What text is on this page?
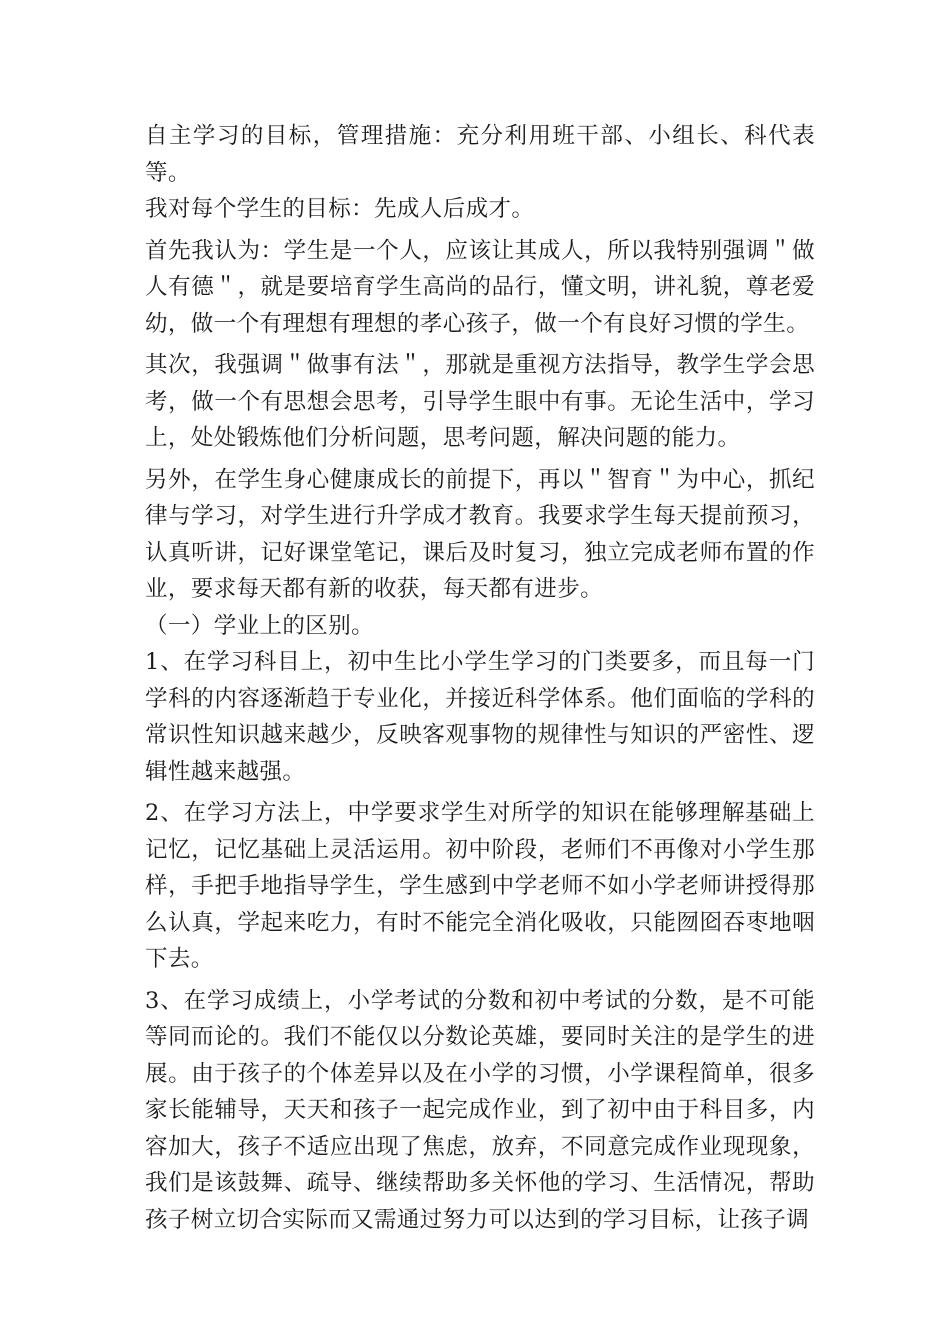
自主学习的目标，管理措施：充分利用班干部、小组长、科代表等。

我对每个学生的目标：先成人后成才。

首先我认为：学生是一个人，应该让其成人，所以我特别强调＂做人有德＂，就是要培育学生高尚的品行，懂文明，讲礼貌，尊老爱幼，做一个有理想有理想的孝心孩子，做一个有良好习惯的学生。

其次，我强调＂做事有法＂，那就是重视方法指导，教学生学会思考，做一个有思想会思考，引导学生眼中有事。无论生活中，学习上，处处锻炼他们分析问题，思考问题，解决问题的能力。

另外，在学生身心健康成长的前提下，再以＂智育＂为中心，抓纪律与学习，对学生进行升学成才教育。我要求学生每天提前预习，认真听讲，记好课堂笔记，课后及时复习，独立完成老师布置的作业，要求每天都有新的收获，每天都有进步。

（一）学业上的区别。

1、在学习科目上，初中生比小学生学习的门类要多，而且每一门学科的内容逐渐趋于专业化，并接近科学体系。他们面临的学科的常识性知识越来越少，反映客观事物的规律性与知识的严密性、逻辑性越来越强。

2、在学习方法上，中学要求学生对所学的知识在能够理解基础上记忆，记忆基础上灵活运用。初中阶段，老师们不再像对小学生那样，手把手地指导学生，学生感到中学老师不如小学老师讲授得那么认真，学起来吃力，有时不能完全消化吸收，只能囫囵吞枣地咽下去。

3、在学习成绩上，小学考试的分数和初中考试的分数，是不可能等同而论的。我们不能仅以分数论英雄，要同时关注的是学生的进展。由于孩子的个体差异以及在小学的习惯，小学课程简单，很多家长能辅导，天天和孩子一起完成作业，到了初中由于科目多，内容加大，孩子不适应出现了焦虑，放弃，不同意完成作业现现象，我们是该鼓舞、疏导、继续帮助多关怀他的学习、生活情况，帮助孩子树立切合实际而又需通过努力可以达到的学习目标，让孩子调
